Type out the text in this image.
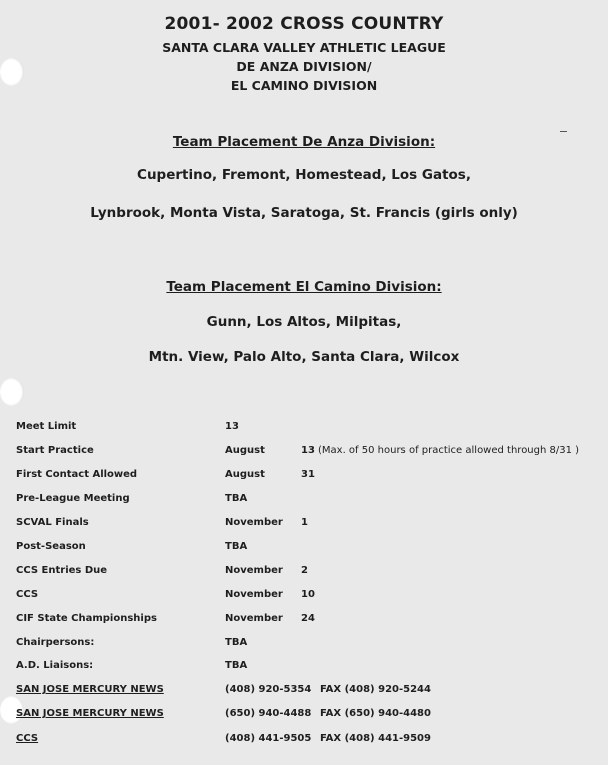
2001- 2002 CROSS COUNTRY
SANTA CLARA VALLEY ATHLETIC LEAGUE
DE ANZA DIVISION/
EL CAMINO DIVISION
Team Placement De Anza Division:
Cupertino, Fremont, Homestead, Los Gatos,
Lynbrook, Monta Vista, Saratoga, St. Francis (girls only)
Team Placement El Camino Division:
Gunn, Los Altos, Milpitas,
Mtn. View, Palo Alto, Santa Clara, Wilcox
Meet Limit	13
Start Practice	August	13 (Max. of 50 hours of practice allowed through 8/31 )
First Contact Allowed	August	31
Pre-League Meeting	TBA
SCVAL Finals	November 1
Post-Season	TBA
CCS Entries Due	November 2
CCS	November 10
CIF State Championships	November 24
Chairpersons:	TBA
A.D. Liaisons:	TBA
SAN JOSE MERCURY NEWS	(408) 920-5354 FAX (408) 920-5244
SAN JOSE MERCURY NEWS	(650) 940-4488 FAX (650) 940-4480
CCS	(408) 441-9505 FAX (408) 441-9509
